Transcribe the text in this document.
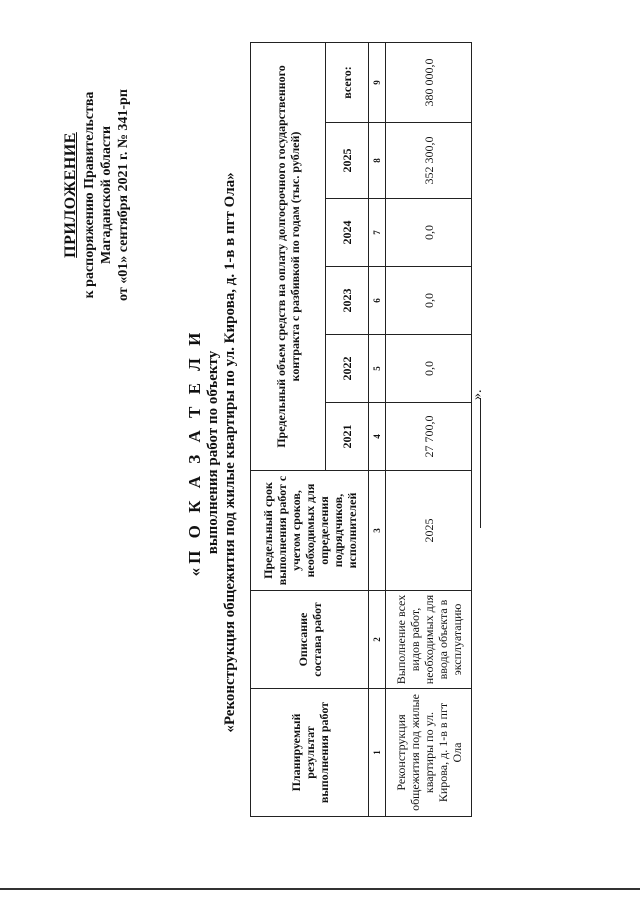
ПРИЛОЖЕНИЕ к распоряжению Правительства Магаданской области от «01» сентября 2021 г. № 341-рп
«П О К А З А Т Е Л И выполнения работ по объекту «Реконструкция общежития под жилые квартиры по ул. Кирова, д. 1-в в пгт Ола»
Планируемый результат выполнения работ	Описание состава работ	Предельный срок выполнения работ с учетом сроков, необходимых для определения подрядчиков, исполнителей	Предельный объем средств на оплату долгосрочного государственного контракта с разбивкой по годам (тыс. рублей)					
			2021	2022	2023	2024	2025	всего:
1	2	3	4	5	6	7	8	9
Реконструкция общежития под жилые квартиры по ул. Кирова, д. 1-в в пгт Ола	Выполнение всех видов работ, необходимых для ввода объекта в эксплуатацию	2025	27 700,0	0,0	0,0	0,0	352 300,0	380 000,0
».
